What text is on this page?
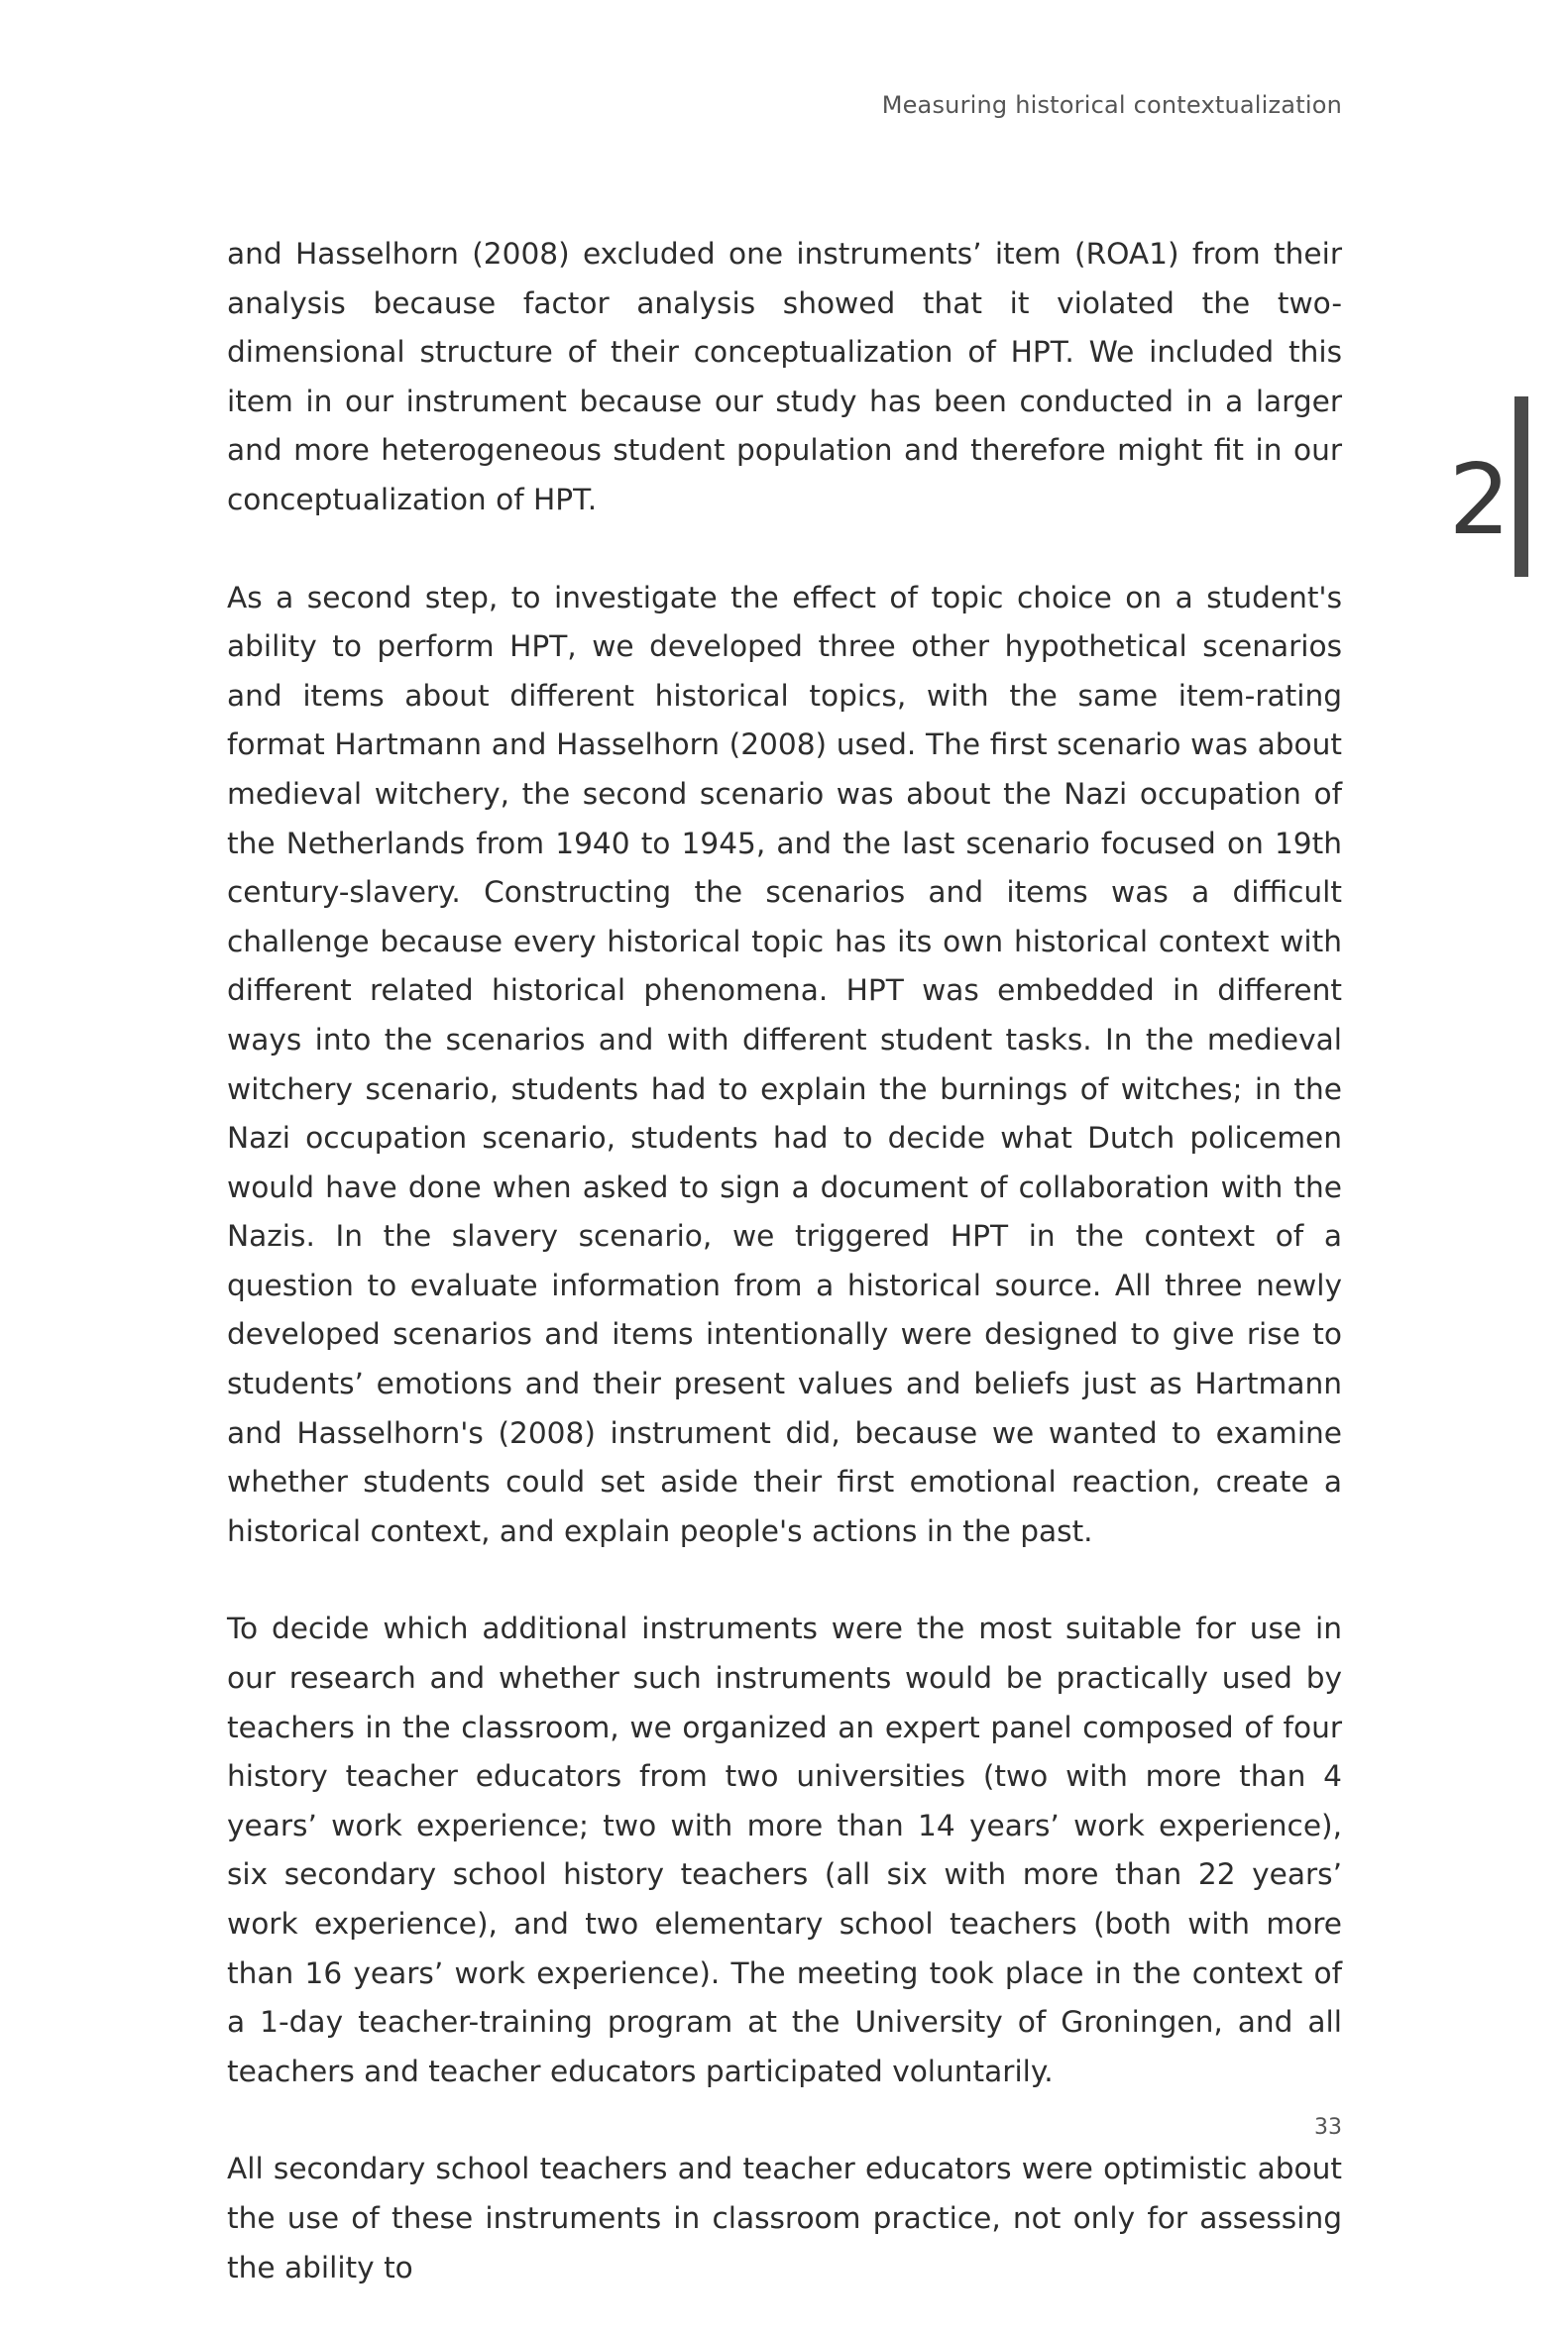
Measuring historical contextualization
2

and Hasselhorn (2008) excluded one instruments’ item (ROA1) from their analysis because factor analysis showed that it violated the two-dimensional structure of their conceptualization of HPT. We included this item in our instrument because our study has been conducted in a larger and more heterogeneous student population and therefore might fit in our conceptualization of HPT.

As a second step, to investigate the effect of topic choice on a student's ability to perform HPT, we developed three other hypothetical scenarios and items about different historical topics, with the same item-rating format Hartmann and Hasselhorn (2008) used. The first scenario was about medieval witchery, the second scenario was about the Nazi occupation of the Netherlands from 1940 to 1945, and the last scenario focused on 19th century-slavery. Constructing the scenarios and items was a difficult challenge because every historical topic has its own historical context with different related historical phenomena. HPT was embedded in different ways into the scenarios and with different student tasks. In the medieval witchery scenario, students had to explain the burnings of witches; in the Nazi occupation scenario, students had to decide what Dutch policemen would have done when asked to sign a document of collaboration with the Nazis. In the slavery scenario, we triggered HPT in the context of a question to evaluate information from a historical source. All three newly developed scenarios and items intentionally were designed to give rise to students’ emotions and their present values and beliefs just as Hartmann and Hasselhorn's (2008) instrument did, because we wanted to examine whether students could set aside their first emotional reaction, create a historical context, and explain people's actions in the past.

To decide which additional instruments were the most suitable for use in our research and whether such instruments would be practically used by teachers in the classroom, we organized an expert panel composed of four history teacher educators from two universities (two with more than 4 years’ work experience; two with more than 14 years’ work experience), six secondary school history teachers (all six with more than 22 years’ work experience), and two elementary school teachers (both with more than 16 years’ work experience). The meeting took place in the context of a 1-day teacher-training program at the University of Groningen, and all teachers and teacher educators participated voluntarily.

All secondary school teachers and teacher educators were optimistic about the use of these instruments in classroom practice, not only for assessing the ability to

33
